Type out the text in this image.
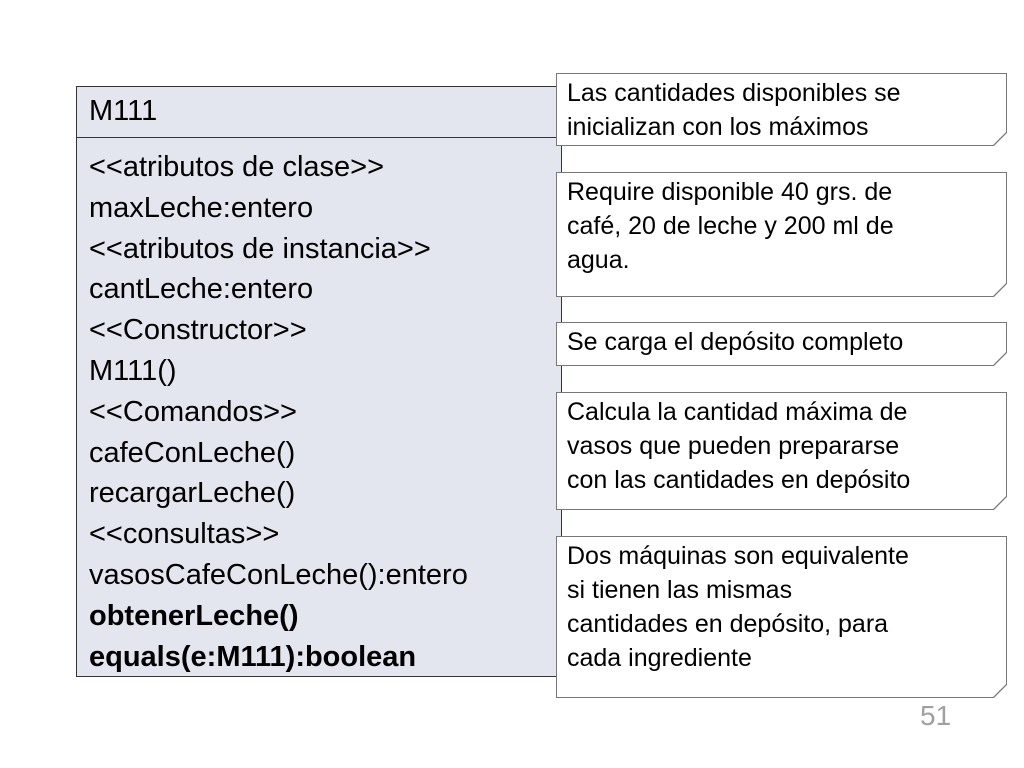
M111
<<atributos de clase>>
maxLeche:entero
<<atributos de instancia>>
cantLeche:entero
<<Constructor>>
M111()
<<Comandos>>
cafeConLeche()
recargarLeche()
<<consultas>>
vasosCafeConLeche():entero
obtenerLeche()
equals(e:M111):boolean
Las cantidades disponibles se
inicializan con los máximos
Require disponible 40 grs. de
café, 20 de leche y 200 ml de
agua.
Se carga el depósito completo
Calcula la cantidad máxima de
vasos que pueden prepararse
con las cantidades en depósito
Dos máquinas son equivalente
si tienen las mismas
cantidades en depósito, para
cada ingrediente
51
